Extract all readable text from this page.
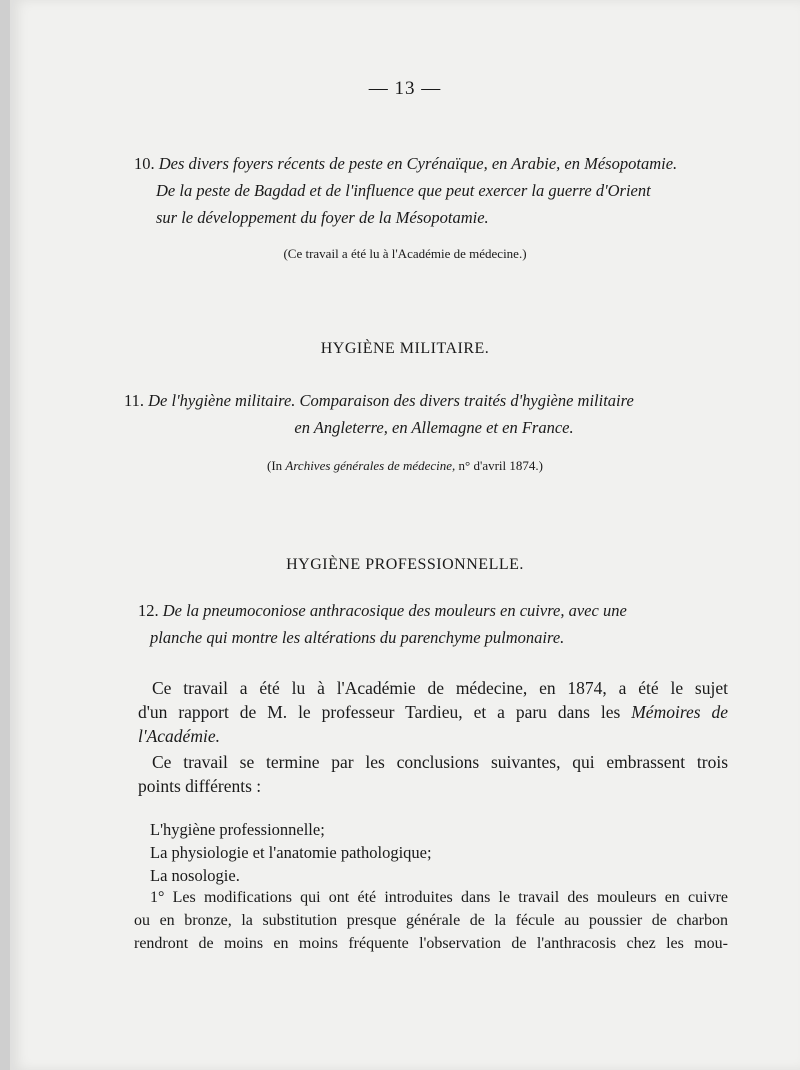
— 13 —
10. Des divers foyers récents de peste en Cyrénaïque, en Arabie, en Mésopotamie.
De la peste de Bagdad et de l'influence que peut exercer la guerre d'Orient
sur le développement du foyer de la Mésopotamie.
(Ce travail a été lu à l'Académie de médecine.)
HYGIÈNE MILITAIRE.
11. De l'hygiène militaire. Comparaison des divers traités d'hygiène militaire
en Angleterre, en Allemagne et en France.
(In Archives générales de médecine, n° d'avril 1874.)
HYGIÈNE PROFESSIONNELLE.
12. De la pneumoconiose anthracosique des mouleurs en cuivre, avec une
planche qui montre les altérations du parenchyme pulmonaire.
Ce travail a été lu à l'Académie de médecine, en 1874, a été le sujet
d'un rapport de M. le professeur Tardieu, et a paru dans les Mémoires de
l'Académie.
Ce travail se termine par les conclusions suivantes, qui embrassent trois
points différents :
L'hygiène professionnelle;
La physiologie et l'anatomie pathologique;
La nosologie.
1° Les modifications qui ont été introduites dans le travail des mouleurs en cuivre
ou en bronze, la substitution presque générale de la fécule au poussier de charbon
rendront de moins en moins fréquente l'observation de l'anthracosis chez les mou-
